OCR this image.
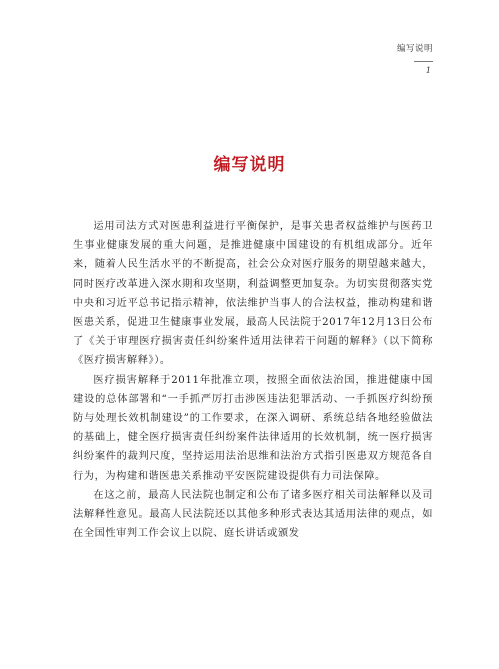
编写说明
1
编写说明

运用司法方式对医患利益进行平衡保护，是事关患者权益维护与医药卫生事业健康发展的重大问题，是推进健康中国建设的有机组成部分。近年来，随着人民生活水平的不断提高，社会公众对医疗服务的期望越来越大，同时医疗改革进入深水期和攻坚期，利益调整更加复杂。为切实贯彻落实党中央和习近平总书记指示精神，依法维护当事人的合法权益，推动构建和谐医患关系，促进卫生健康事业发展，最高人民法院于2017年12月13日公布了《关于审理医疗损害责任纠纷案件适用法律若干问题的解释》（以下简称《医疗损害解释》）。

医疗损害解释于2011年批准立项，按照全面依法治国，推进健康中国建设的总体部署和“一手抓严厉打击涉医违法犯罪活动、一手抓医疗纠纷预防与处理长效机制建设”的工作要求，在深入调研、系统总结各地经验做法的基础上，健全医疗损害责任纠纷案件法律适用的长效机制，统一医疗损害纠纷案件的裁判尺度，坚持运用法治思维和法治方式指引医患双方规范各自行为，为构建和谐医患关系推动平安医院建设提供有力司法保障。

在这之前，最高人民法院也制定和公布了诸多医疗相关司法解释以及司法解释性意见。最高人民法院还以其他多种形式表达其适用法律的观点，如在全国性审判工作会议上以院、庭长讲话或颁发
